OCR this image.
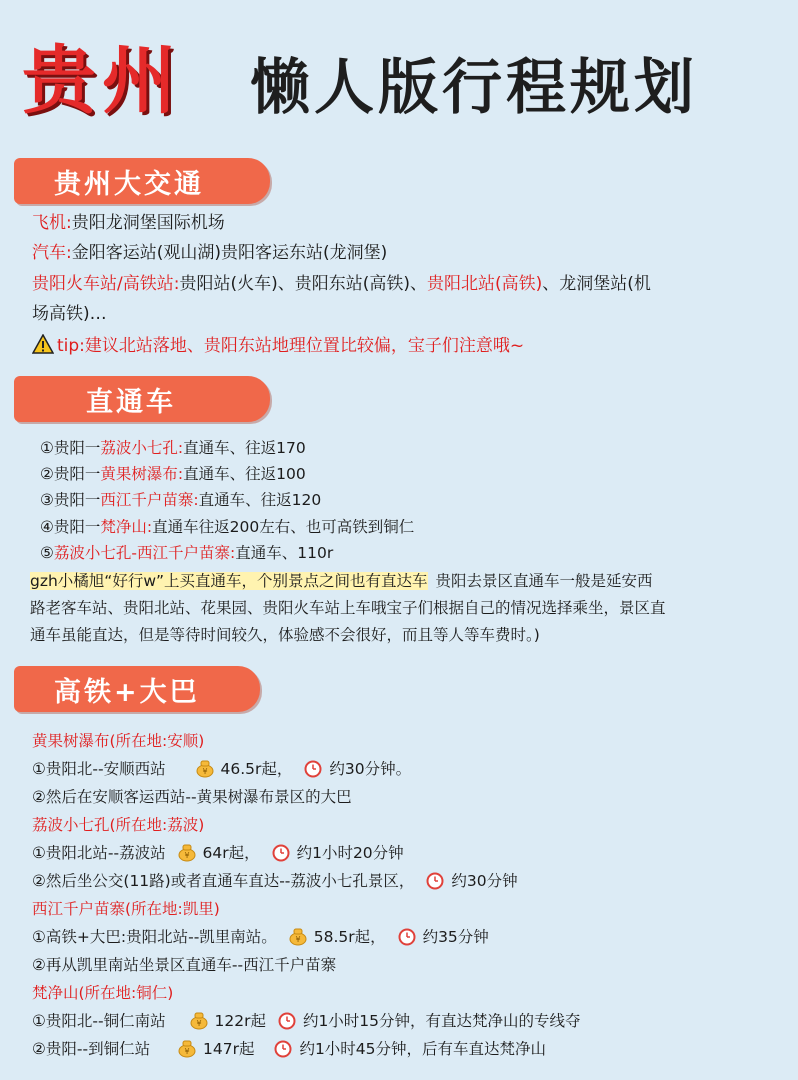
贵州 懒人版行程规划
贵州大交通
飞机:贵阳龙洞堡国际机场
汽车:金阳客运站(观山湖)贵阳客运东站(龙洞堡)
贵阳火车站/高铁站:贵阳站(火车)、贵阳东站(高铁)、贵阳北站(高铁)、龙洞堡站(机
场高铁)…
tip:建议北站落地、贵阳东站地理位置比较偏，宝子们注意哦~
直通车
①贵阳一荔波小七孔:直通车、往返170
②贵阳一黄果树瀑布:直通车、往返100
③贵阳一西江千户苗寨:直通车、往返120
④贵阳一梵净山:直通车往返200左右、也可高铁到铜仁
⑤荔波小七孔-西江千户苗寨:直通车、110r
gzh小橘旭“好行w”上买直通车，个别景点之间也有直达车 贵阳去景区直通车一般是延安西
路老客车站、贵阳北站、花果园、贵阳火车站上车哦宝子们根据自己的情况选择乘坐，景区直
通车虽能直达，但是等待时间较久，体验感不会很好，而且等人等车费时。)
高铁+大巴
黄果树瀑布(所在地:安顺)
①贵阳北--安顺西站	¥ 46.5r起， 约30分钟。
②然后在安顺客运西站--黄果树瀑布景区的大巴
荔波小七孔(所在地:荔波)
①贵阳北站--荔波站 ¥ 64r起， 约1小时20分钟
②然后坐公交(11路)或者直通车直达--荔波小七孔景区， 约30分钟
西江千户苗寨(所在地:凯里)
①高铁+大巴:贵阳北站--凯里南站。 ¥ 58.5r起， 约35分钟
②再从凯里南站坐景区直通车--西江千户苗寨
梵净山(所在地:铜仁)
①贵阳北--铜仁南站	¥ 122r起 约1小时15分钟，有直达梵净山的专线夺
②贵阳--到铜仁站	¥ 147r起	约1小时45分钟，后有车直达梵净山
